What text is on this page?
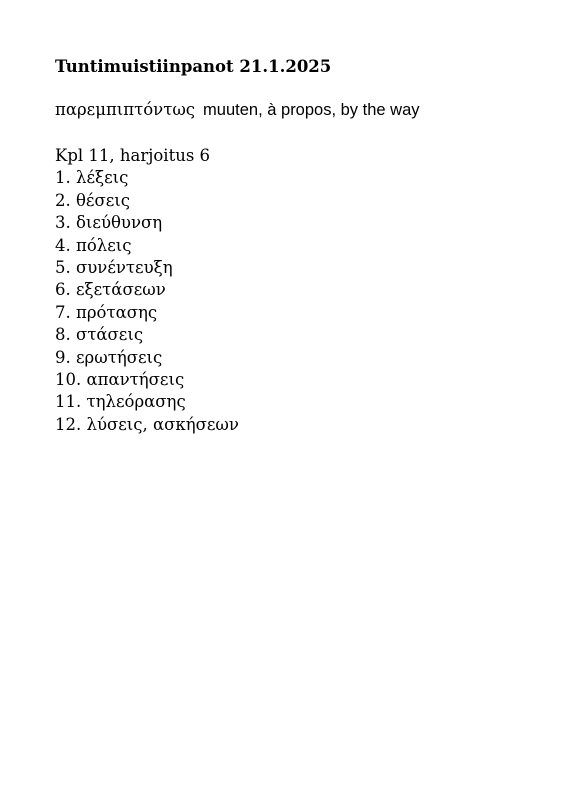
Tuntimuistiinpanot 21.1.2025
παρεμπιπτόντως muuten, à propos, by the way
Kpl 11, harjoitus 6
1. λέξεις
2. θέσεις
3. διεύθυνση
4. πόλεις
5. συνέντευξη
6. εξετάσεων
7. πρότασης
8. στάσεις
9. ερωτήσεις
10. απαντήσεις
11. τηλεόρασης
12. λύσεις, ασκήσεων
